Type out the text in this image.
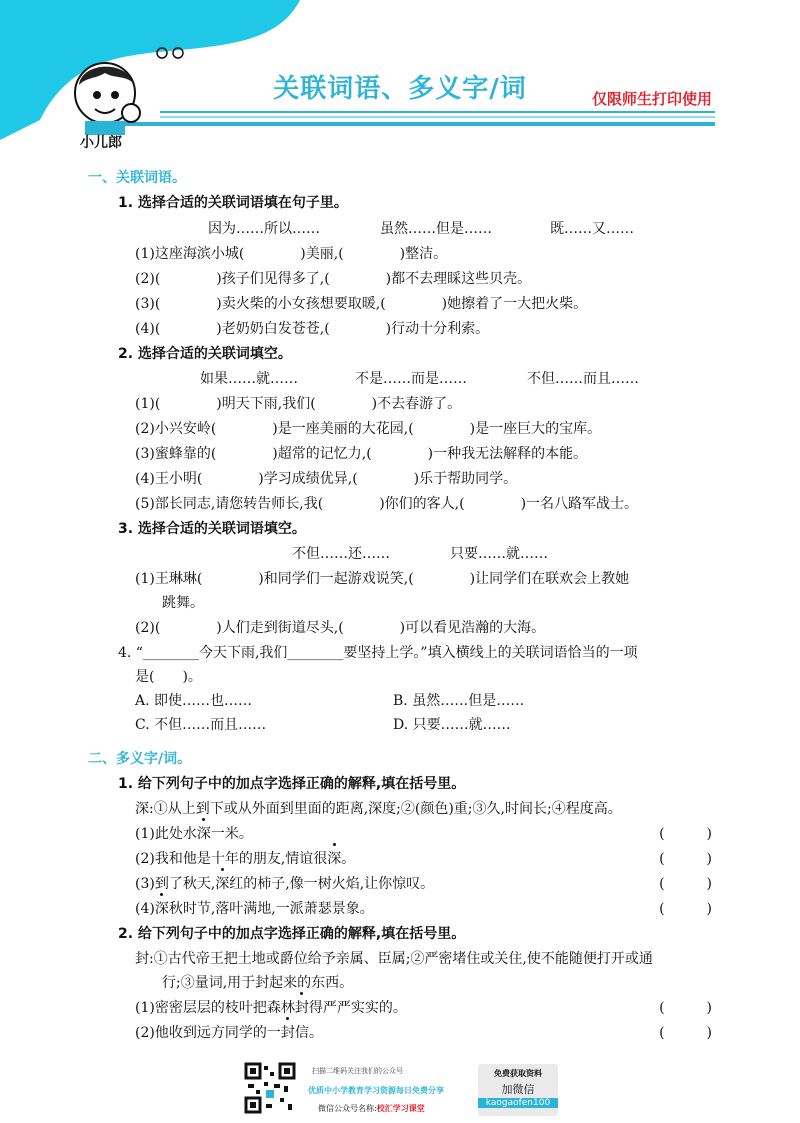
关联词语、多义字/词	仅限师生打印使用
小儿郎
一、关联词语。
1. 选择合适的关联词语填在句子里。
因为……所以……	虽然……但是……	既……又……
(1)这座海滨小城(　　　　)美丽,(　　　　)整洁。
(2)(　　　　)孩子们见得多了,(　　　　)都不去理睬这些贝壳。
(3)(　　　　)卖火柴的小女孩想要取暖,(　　　　)她擦着了一大把火柴。
(4)(　　　　)老奶奶白发苍苍,(　　　　)行动十分利索。
2. 选择合适的关联词填空。
如果……就……	不是……而是……	不但……而且……
(1)(　　　　)明天下雨,我们(　　　　)不去春游了。
(2)小兴安岭(　　　　)是一座美丽的大花园,(　　　　)是一座巨大的宝库。
(3)蜜蜂靠的(　　　　)超常的记忆力,(　　　　)一种我无法解释的本能。
(4)王小明(　　　　)学习成绩优异,(　　　　)乐于帮助同学。
(5)部长同志,请您转告师长,我(　　　　)你们的客人,(　　　　)一名八路军战士。
3. 选择合适的关联词语填空。
不但……还……	只要……就……
(1)王琳琳(　　　　)和同学们一起游戏说笑,(　　　　)让同学们在联欢会上教她
跳舞。
(2)(　　　　)人们走到街道尽头,(　　　　)可以看见浩瀚的大海。
4. “________今天下雨,我们________要坚持上学。”填入横线上的关联词语恰当的一项
是(　　)。
A. 即使……也……	B. 虽然……但是……
C. 不但……而且……	D. 只要……就……
二、多义字/词。
1. 给下列句子中的加点字选择正确的解释,填在括号里。
深:①从上到下或从外面到里面的距离,深度;②(颜色)重;③久,时间长;④程度高。
(1)此处水深一米。	(　　　)
(2)我和他是十年的朋友,情谊很深。	(　　　)
(3)到了秋天,深红的柿子,像一树火焰,让你惊叹。	(　　　)
(4)深秋时节,落叶满地,一派萧瑟景象。	(　　　)
2. 给下列句子中的加点字选择正确的解释,填在括号里。
封:①古代帝王把土地或爵位给予亲属、臣属;②严密堵住或关住,使不能随便打开或通
行;③量词,用于封起来的东西。
(1)密密层层的枝叶把森林封得严严实实的。	(　　　)
(2)他收到远方同学的一封信。	(　　　)
扫描二维码关注我们的公众号
优质中小学教育学习资源每日免费分享
微信公众号名称:校汇学习课堂
免费获取资料
加微信
kaogaofen100
